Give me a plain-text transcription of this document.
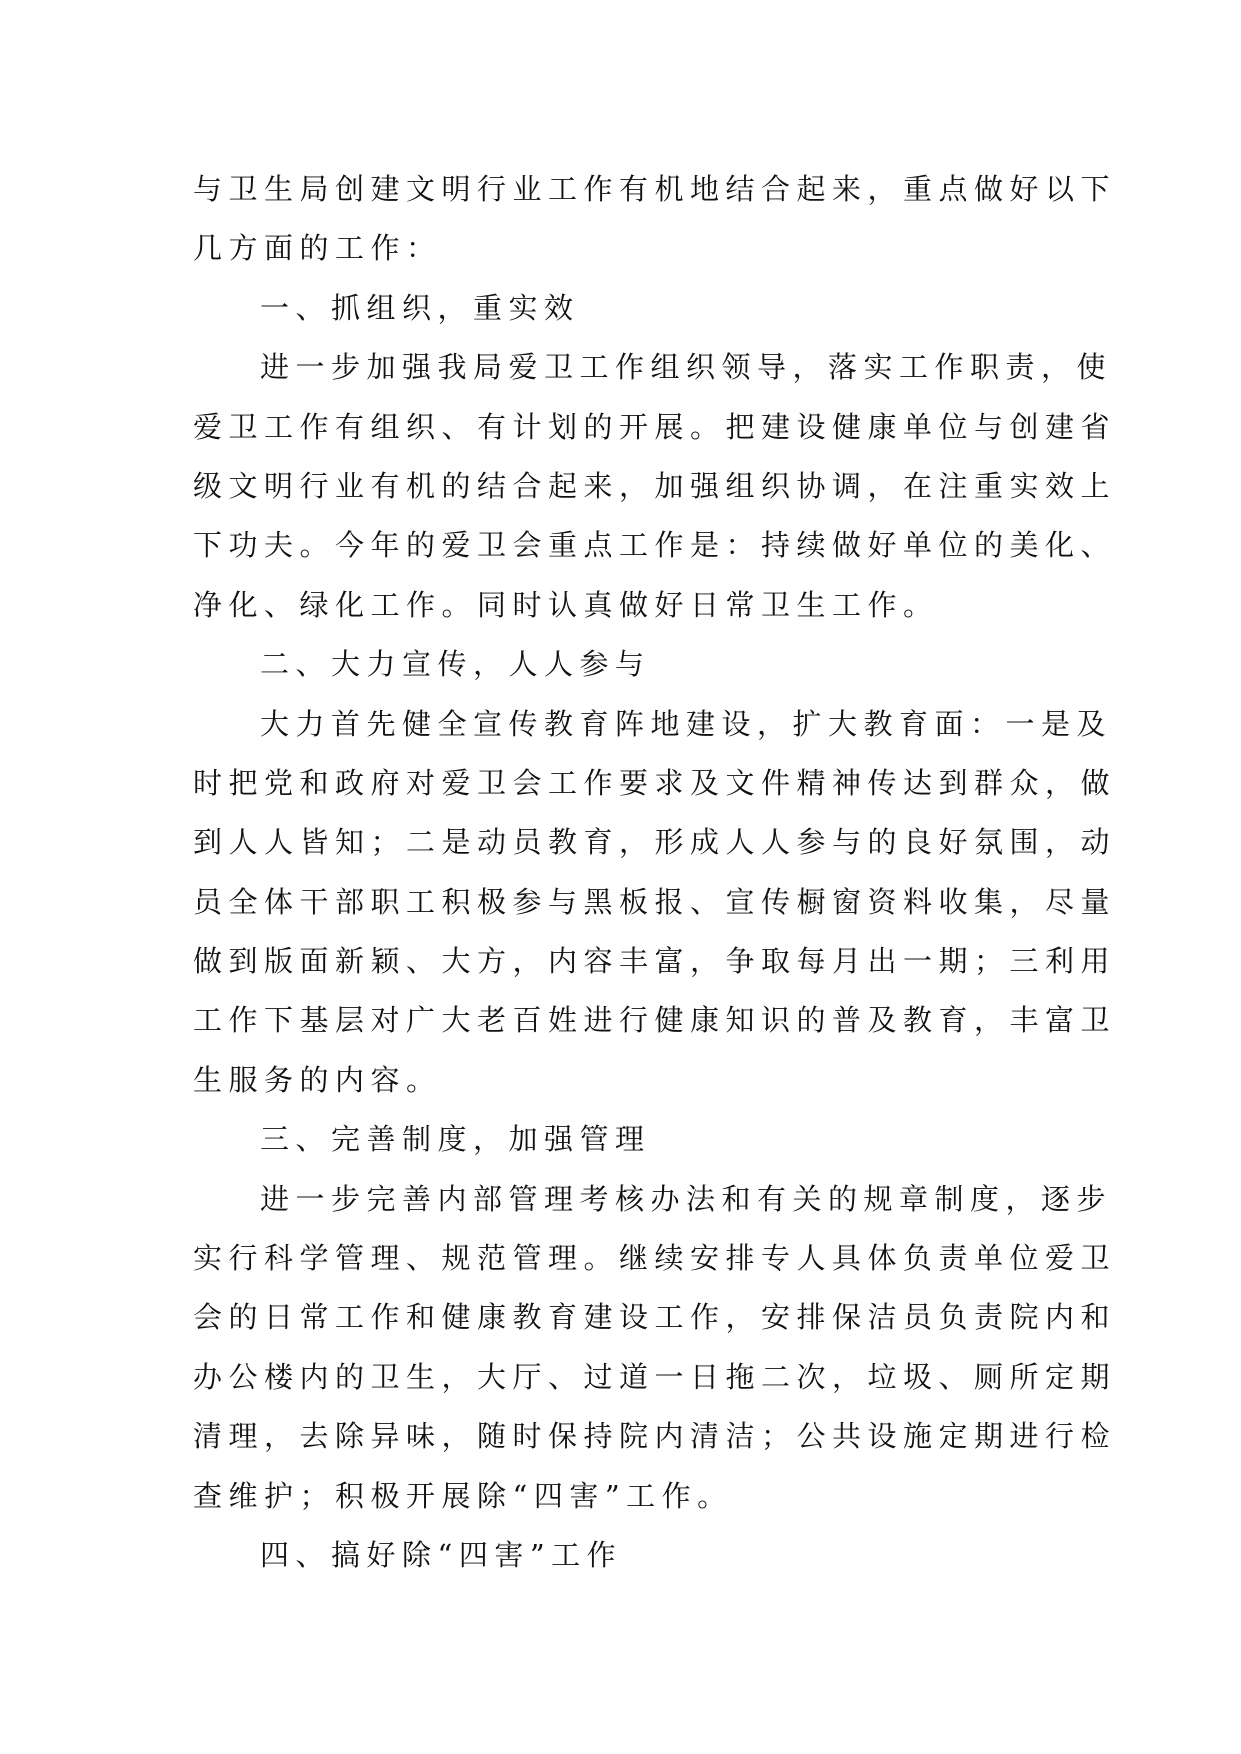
与卫生局创建文明行业工作有机地结合起来，重点做好以下
几方面的工作：
一、抓组织，重实效
进一步加强我局爱卫工作组织领导，落实工作职责，使
爱卫工作有组织、有计划的开展。把建设健康单位与创建省
级文明行业有机的结合起来，加强组织协调，在注重实效上
下功夫。今年的爱卫会重点工作是：持续做好单位的美化、
净化、绿化工作。同时认真做好日常卫生工作。
二、大力宣传，人人参与
大力首先健全宣传教育阵地建设，扩大教育面：一是及
时把党和政府对爱卫会工作要求及文件精神传达到群众，做
到人人皆知；二是动员教育，形成人人参与的良好氛围，动
员全体干部职工积极参与黑板报、宣传橱窗资料收集，尽量
做到版面新颖、大方，内容丰富，争取每月出一期；三利用
工作下基层对广大老百姓进行健康知识的普及教育，丰富卫
生服务的内容。
三、完善制度，加强管理
进一步完善内部管理考核办法和有关的规章制度，逐步
实行科学管理、规范管理。继续安排专人具体负责单位爱卫
会的日常工作和健康教育建设工作，安排保洁员负责院内和
办公楼内的卫生，大厅、过道一日拖二次，垃圾、厕所定期
清理，去除异味，随时保持院内清洁；公共设施定期进行检
查维护；积极开展除“四害”工作。
四、搞好除“四害”工作
